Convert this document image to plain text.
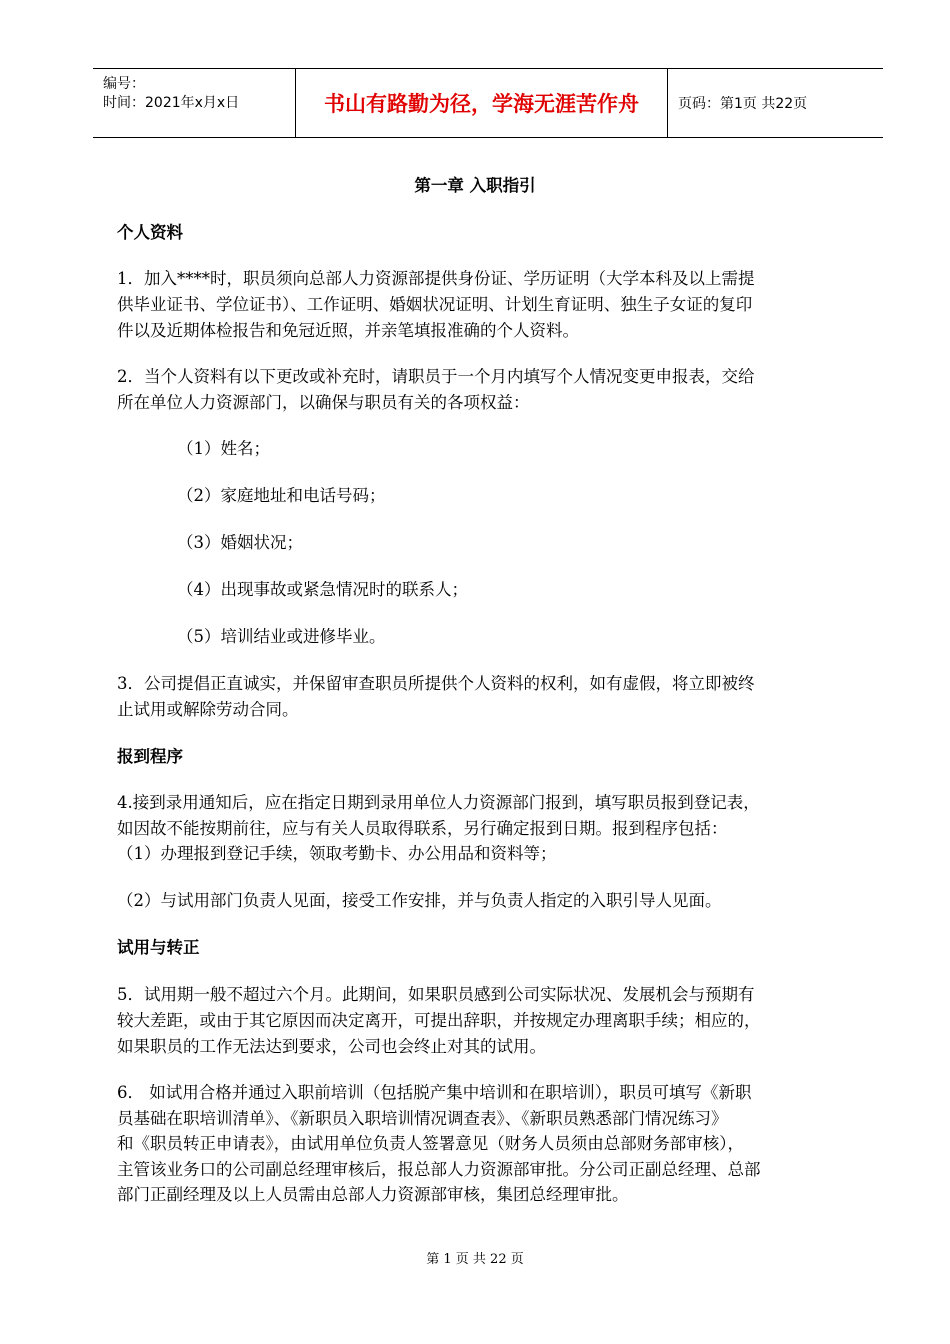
编号：
时间：2021年x月x日	书山有路勤为径，学海无涯苦作舟	页码：第1页 共22页
第一章 入职指引
个人资料
1．加入****时，职员须向总部人力资源部提供身份证、学历证明（大学本科及以上需提
供毕业证书、学位证书）、工作证明、婚姻状况证明、计划生育证明、独生子女证的复印
件以及近期体检报告和免冠近照，并亲笔填报准确的个人资料。
2．当个人资料有以下更改或补充时，请职员于一个月内填写个人情况变更申报表，交给
所在单位人力资源部门，以确保与职员有关的各项权益：
（1）姓名；
（2）家庭地址和电话号码；
（3）婚姻状况；
（4）出现事故或紧急情况时的联系人；
（5）培训结业或进修毕业。
3．公司提倡正直诚实，并保留审查职员所提供个人资料的权利，如有虚假，将立即被终
止试用或解除劳动合同。
报到程序
4.接到录用通知后，应在指定日期到录用单位人力资源部门报到，填写职员报到登记表，
如因故不能按期前往，应与有关人员取得联系，另行确定报到日期。报到程序包括：
（1）办理报到登记手续，领取考勤卡、办公用品和资料等；
（2）与试用部门负责人见面，接受工作安排，并与负责人指定的入职引导人见面。
试用与转正
5．试用期一般不超过六个月。此期间，如果职员感到公司实际状况、发展机会与预期有
较大差距，或由于其它原因而决定离开，可提出辞职，并按规定办理离职手续；相应的，
如果职员的工作无法达到要求，公司也会终止对其的试用。
6． 如试用合格并通过入职前培训（包括脱产集中培训和在职培训），职员可填写《新职
员基础在职培训清单》、《新职员入职培训情况调查表》、《新职员熟悉部门情况练习》
和《职员转正申请表》，由试用单位负责人签署意见（财务人员须由总部财务部审核），
主管该业务口的公司副总经理审核后，报总部人力资源部审批。分公司正副总经理、总部
部门正副经理及以上人员需由总部人力资源部审核，集团总经理审批。
第 1 页 共 22 页
